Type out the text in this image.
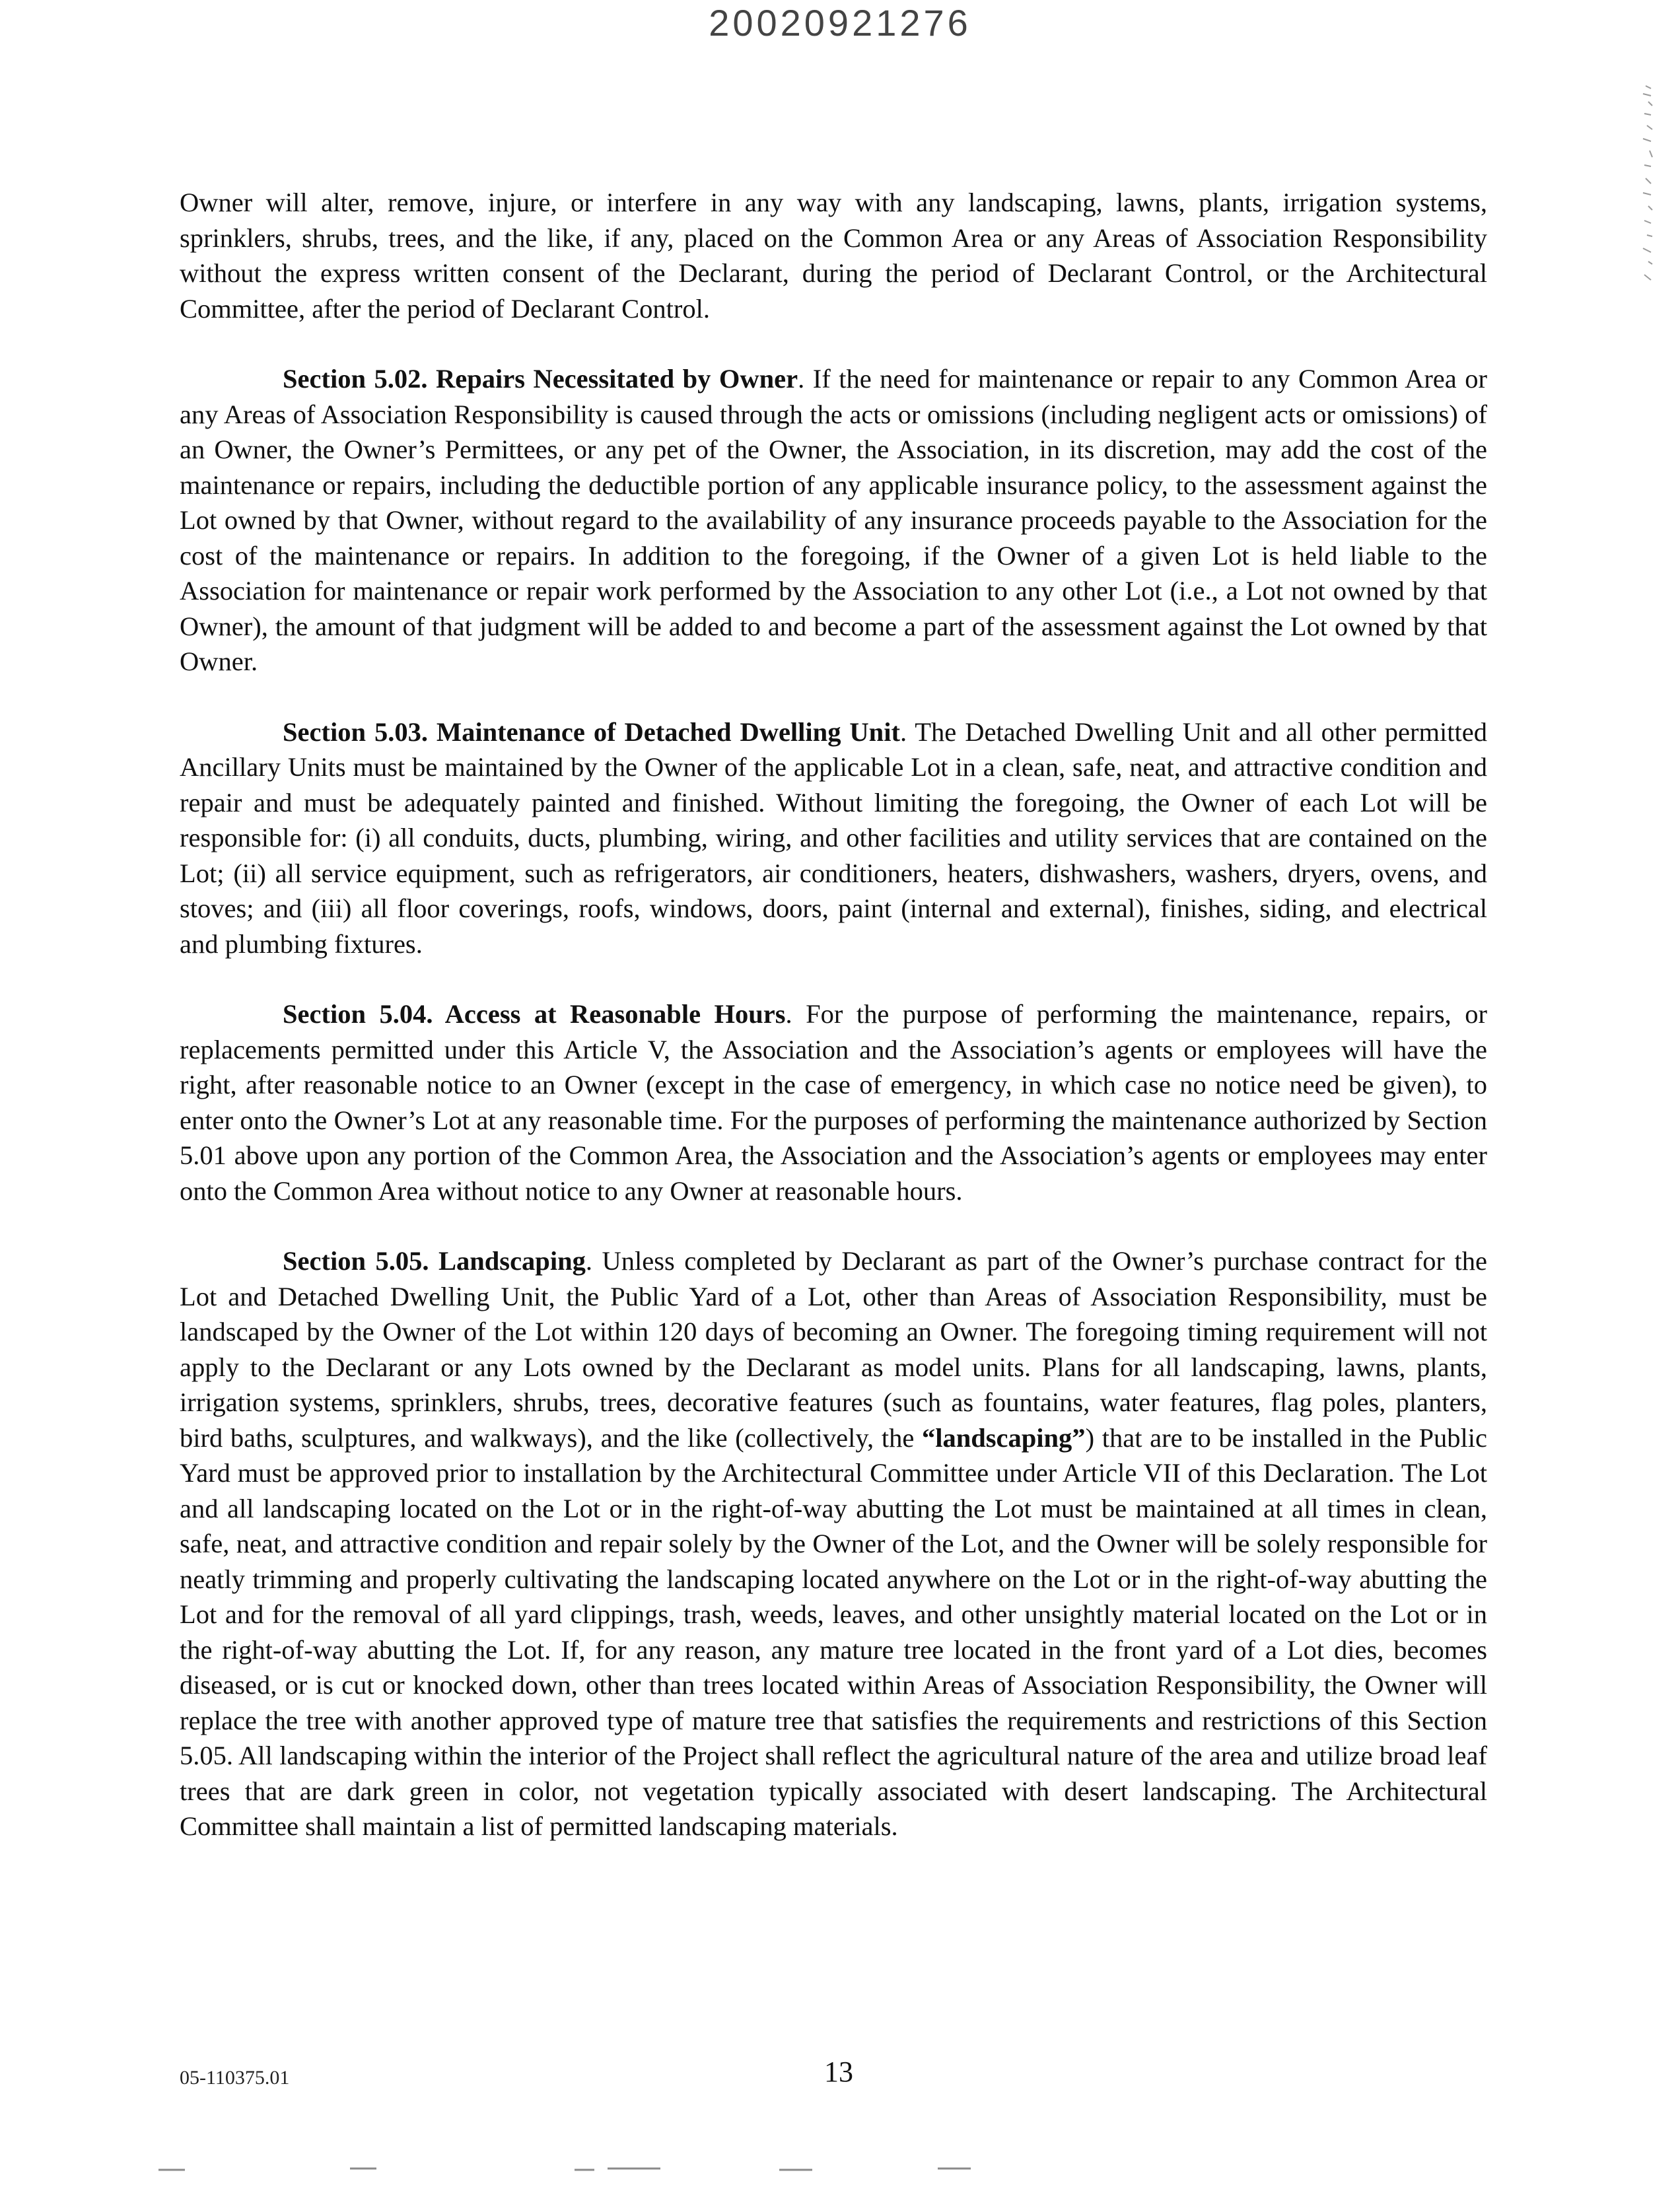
20020921276

Owner will alter, remove, injure, or interfere in any way with any landscaping, lawns, plants, irrigation systems, sprinklers, shrubs, trees, and the like, if any, placed on the Common Area or any Areas of Association Responsibility without the express written consent of the Declarant, during the period of Declarant Control, or the Architectural Committee, after the period of Declarant Control.

Section 5.02. Repairs Necessitated by Owner. If the need for maintenance or repair to any Common Area or any Areas of Association Responsibility is caused through the acts or omissions (including negligent acts or omissions) of an Owner, the Owner’s Permittees, or any pet of the Owner, the Association, in its discretion, may add the cost of the maintenance or repairs, including the deductible portion of any applicable insurance policy, to the assessment against the Lot owned by that Owner, without regard to the availability of any insurance proceeds payable to the Association for the cost of the maintenance or repairs. In addition to the foregoing, if the Owner of a given Lot is held liable to the Association for maintenance or repair work performed by the Association to any other Lot (i.e., a Lot not owned by that Owner), the amount of that judgment will be added to and become a part of the assessment against the Lot owned by that Owner.

Section 5.03. Maintenance of Detached Dwelling Unit. The Detached Dwelling Unit and all other permitted Ancillary Units must be maintained by the Owner of the applicable Lot in a clean, safe, neat, and attractive condition and repair and must be adequately painted and finished. Without limiting the foregoing, the Owner of each Lot will be responsible for: (i) all conduits, ducts, plumbing, wiring, and other facilities and utility services that are contained on the Lot; (ii) all service equipment, such as refrigerators, air conditioners, heaters, dishwashers, washers, dryers, ovens, and stoves; and (iii) all floor coverings, roofs, windows, doors, paint (internal and external), finishes, siding, and electrical and plumbing fixtures.

Section 5.04. Access at Reasonable Hours. For the purpose of performing the maintenance, repairs, or replacements permitted under this Article V, the Association and the Association’s agents or employees will have the right, after reasonable notice to an Owner (except in the case of emergency, in which case no notice need be given), to enter onto the Owner’s Lot at any reasonable time. For the purposes of performing the maintenance authorized by Section 5.01 above upon any portion of the Common Area, the Association and the Association’s agents or employees may enter onto the Common Area without notice to any Owner at reasonable hours.

Section 5.05. Landscaping. Unless completed by Declarant as part of the Owner’s purchase contract for the Lot and Detached Dwelling Unit, the Public Yard of a Lot, other than Areas of Association Responsibility, must be landscaped by the Owner of the Lot within 120 days of becoming an Owner. The foregoing timing requirement will not apply to the Declarant or any Lots owned by the Declarant as model units. Plans for all landscaping, lawns, plants, irrigation systems, sprinklers, shrubs, trees, decorative features (such as fountains, water features, flag poles, planters, bird baths, sculptures, and walkways), and the like (collectively, the “landscaping”) that are to be installed in the Public Yard must be approved prior to installation by the Architectural Committee under Article VII of this Declaration. The Lot and all landscaping located on the Lot or in the right-of-way abutting the Lot must be maintained at all times in clean, safe, neat, and attractive condition and repair solely by the Owner of the Lot, and the Owner will be solely responsible for neatly trimming and properly cultivating the landscaping located anywhere on the Lot or in the right-of-way abutting the Lot and for the removal of all yard clippings, trash, weeds, leaves, and other unsightly material located on the Lot or in the right-of-way abutting the Lot. If, for any reason, any mature tree located in the front yard of a Lot dies, becomes diseased, or is cut or knocked down, other than trees located within Areas of Association Responsibility, the Owner will replace the tree with another approved type of mature tree that satisfies the requirements and restrictions of this Section 5.05. All landscaping within the interior of the Project shall reflect the agricultural nature of the area and utilize broad leaf trees that are dark green in color, not vegetation typically associated with desert landscaping. The Architectural Committee shall maintain a list of permitted landscaping materials.

05-110375.01	13
